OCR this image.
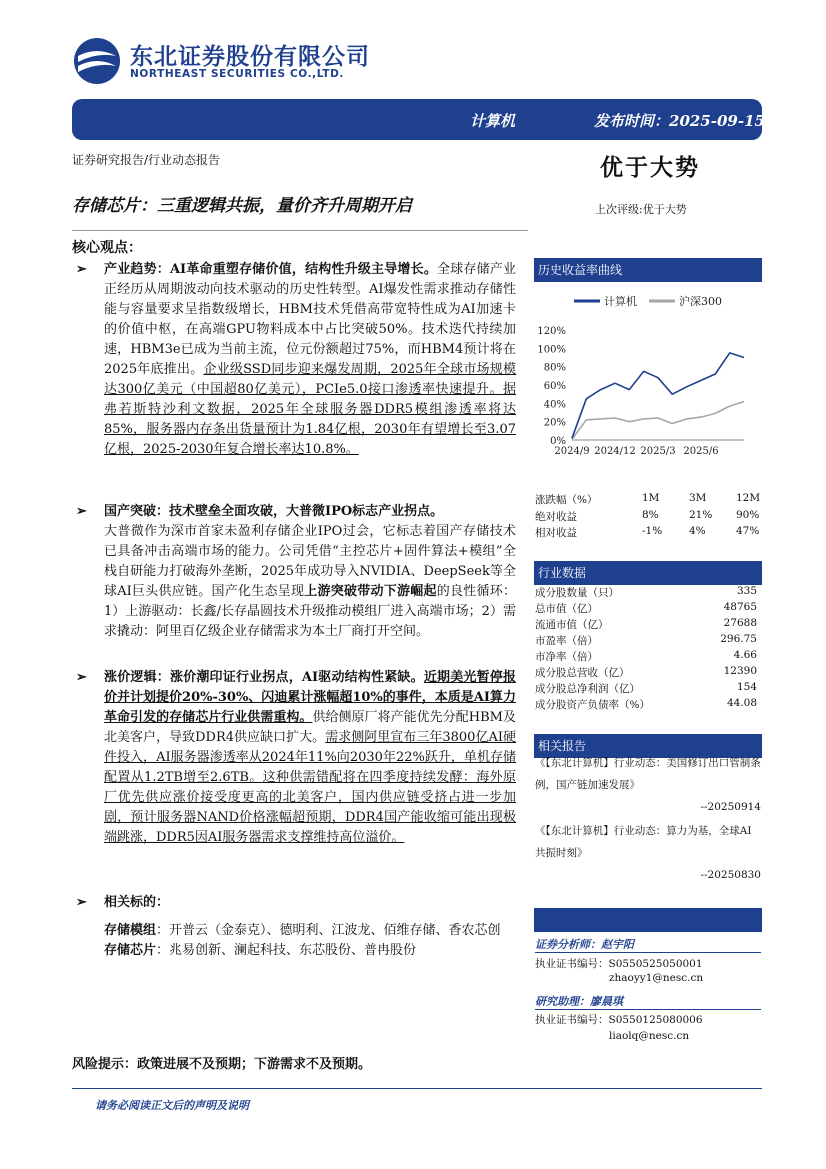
东北证券股份有限公司
NORTHEAST SECURITIES CO.,LTD.
计算机	发布时间：2025-09-15
证券研究报告/行业动态报告	优于大势
存储芯片：三重逻辑共振，量价齐升周期开启	上次评级:优于大势
核心观点：
➢	产业趋势：AI革命重塑存储价值，结构性升级主导增长。全球存储产业正经历从周期波动向技术驱动的历史性转型。AI爆发性需求推动存储性能与容量要求呈指数级增长，HBM技术凭借高带宽特性成为AI加速卡的价值中枢，在高端GPU物料成本中占比突破50%。技术迭代持续加速，HBM3e已成为当前主流，位元份额超过75%，而HBM4预计将在2025年底推出。企业级SSD同步迎来爆发周期，2025年全球市场规模达300亿美元（中国超80亿美元），PCIe5.0接口渗透率快速提升。据弗若斯特沙利文数据，2025年全球服务器DDR5模组渗透率将达85%，服务器内存条出货量预计为1.84亿根，2030年有望增长至3.07亿根，2025-2030年复合增长率达10.8%。
➢	国产突破：技术壁垒全面攻破，大普微IPO标志产业拐点。
大普微作为深市首家未盈利存储企业IPO过会，它标志着国产存储技术已具备冲击高端市场的能力。公司凭借“主控芯片+固件算法+模组”全栈自研能力打破海外垄断，2025年成功导入NVIDIA、DeepSeek等全球AI巨头供应链。国产化生态呈现上游突破带动下游崛起的良性循环：1）上游驱动：长鑫/长存晶圆技术升级推动模组厂进入高端市场；2）需求撬动：阿里百亿级企业存储需求为本土厂商打开空间。
➢	涨价逻辑：涨价潮印证行业拐点，AI驱动结构性紧缺。近期美光暂停报价并计划提价20%-30%、闪迪累计涨幅超10%的事件，本质是AI算力革命引发的存储芯片行业供需重构。供给侧原厂将产能优先分配HBM及北美客户，导致DDR4供应缺口扩大。需求侧阿里宣布三年3800亿AI硬件投入，AI服务器渗透率从2024年11%向2030年22%跃升，单机存储配置从1.2TB增至2.6TB。这种供需错配将在四季度持续发酵：海外原厂优先供应涨价接受度更高的北美客户，国内供应链受挤占进一步加剧，预计服务器NAND价格涨幅超预期，DDR4国产能收缩可能出现极端跳涨，DDR5因AI服务器需求支撑维持高位溢价。
➢	相关标的：
存储模组：开普云（金泰克）、德明利、江波龙、佰维存储、香农芯创
存储芯片：兆易创新、澜起科技、东芯股份、普冉股份
历史收益率曲线
计算机	沪深300
120%
100%
80%
60%
40%
20%
0%
2024/9 2024/12 2025/3 2025/6
涨跌幅（%）	1M	3M	12M
绝对收益	8%	21% 90%
相对收益	-1%	4%	47%
行业数据
成分股数量（只）	335
总市值（亿）	48765
流通市值（亿）	27688
市盈率（倍）	296.75
市净率（倍）	4.66
成分股总营收（亿）	12390
成分股总净利润（亿）	154
成分股资产负债率（%）	44.08
相关报告
《【东北计算机】行业动态：美国修订出口管制条例，国产链加速发展》
--20250914
《【东北计算机】行业动态：算力为基，全球AI共振时刻》
--20250830
证券分析师：赵宇阳
执业证书编号：S0550525050001
zhaoyy1@nesc.cn
研究助理：廖晨琪
执业证书编号：S0550125080006
liaolq@nesc.cn
风险提示：政策进展不及预期；下游需求不及预期。
请务必阅读正文后的声明及说明
